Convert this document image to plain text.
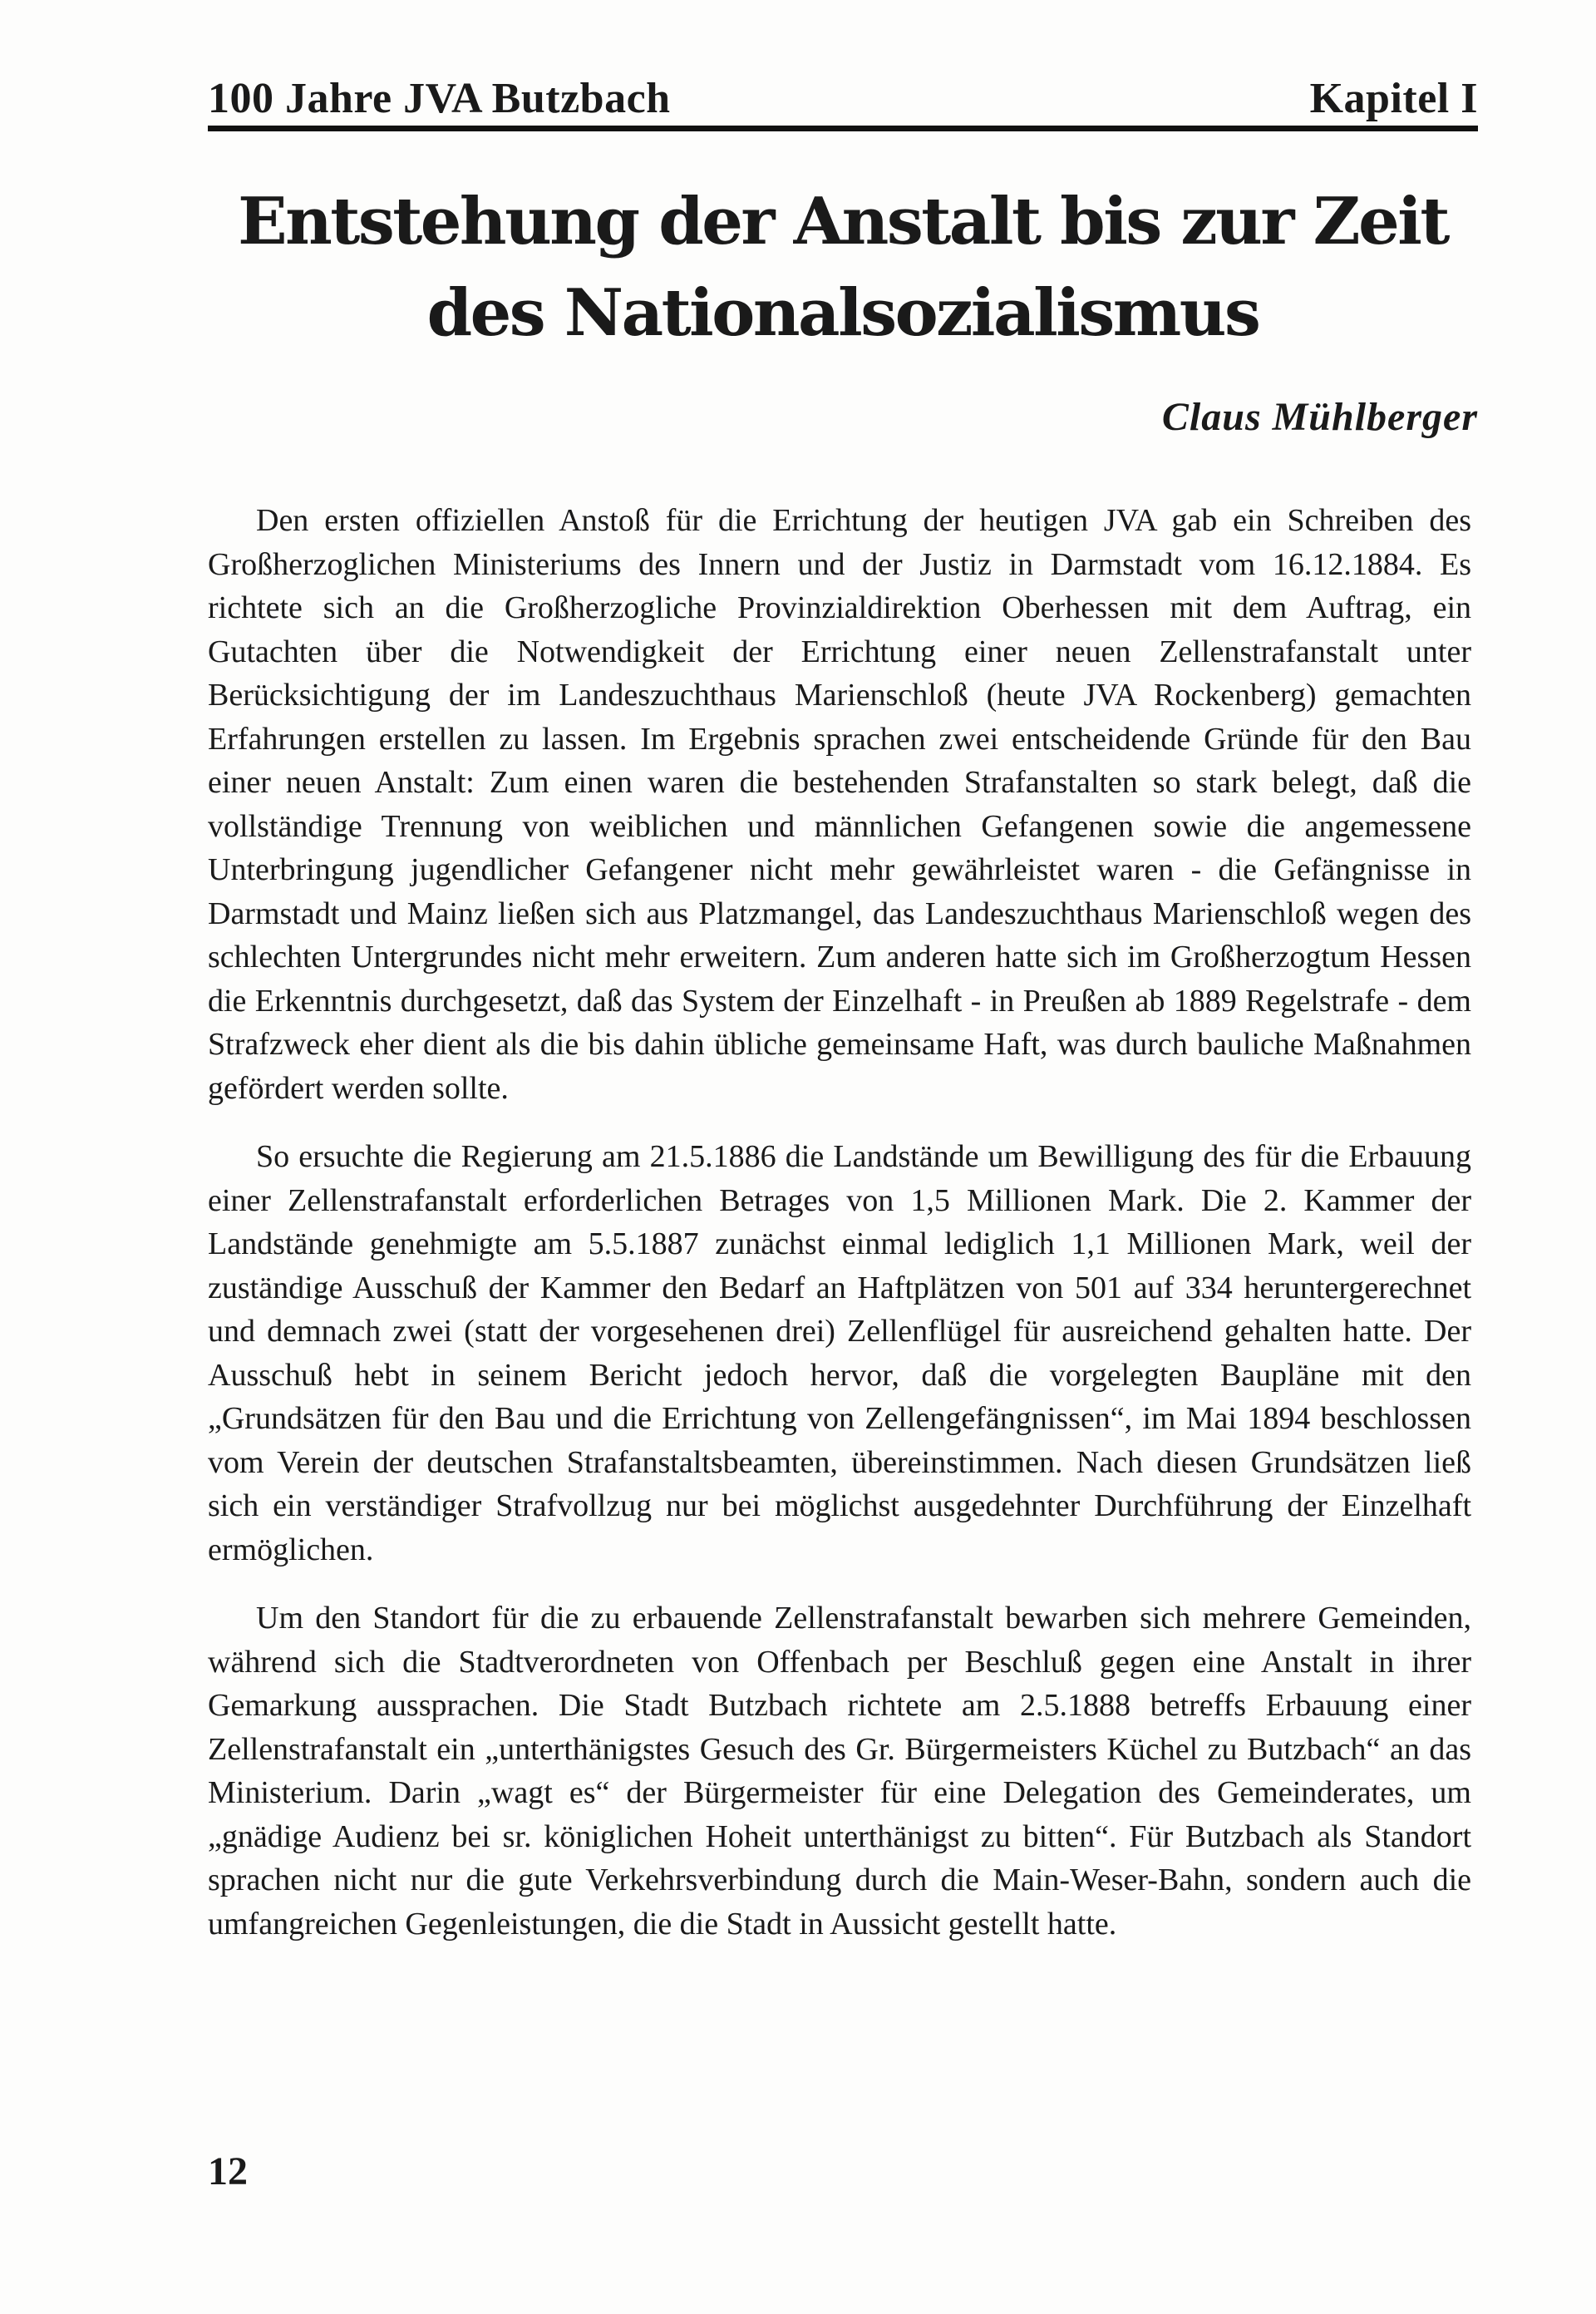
100 Jahre JVA Butzbach	Kapitel I
Entstehung der Anstalt bis zur Zeit
des Nationalsozialismus
Claus Mühlberger

Den ersten offiziellen Anstoß für die Errichtung der heutigen JVA gab ein Schreiben des Großherzoglichen Ministeriums des Innern und der Justiz in Darmstadt vom 16.12.1884. Es richtete sich an die Großherzogliche Provinzialdirektion Oberhessen mit dem Auftrag, ein Gutachten über die Notwendigkeit der Errichtung einer neuen Zellenstrafanstalt unter Berücksichtigung der im Landeszuchthaus Marienschloß (heute JVA Rockenberg) gemachten Erfahrungen erstellen zu lassen. Im Ergebnis sprachen zwei entscheidende Gründe für den Bau einer neuen Anstalt: Zum einen waren die bestehenden Strafanstalten so stark belegt, daß die vollständige Trennung von weiblichen und männlichen Gefangenen sowie die angemessene Unterbringung jugendlicher Gefangener nicht mehr gewährleistet waren - die Gefängnisse in Darmstadt und Mainz ließen sich aus Platzmangel, das Landeszuchthaus Marienschloß wegen des schlechten Untergrundes nicht mehr erweitern. Zum anderen hatte sich im Großherzogtum Hessen die Erkenntnis durchgesetzt, daß das System der Einzelhaft - in Preußen ab 1889 Regelstrafe - dem Strafzweck eher dient als die bis dahin übliche gemeinsame Haft, was durch bauliche Maßnahmen gefördert werden sollte.

So ersuchte die Regierung am 21.5.1886 die Landstände um Bewilligung des für die Erbauung einer Zellenstrafanstalt erforderlichen Betrages von 1,5 Millionen Mark. Die 2. Kammer der Landstände genehmigte am 5.5.1887 zunächst einmal lediglich 1,1 Millionen Mark, weil der zuständige Ausschuß der Kammer den Bedarf an Haftplätzen von 501 auf 334 heruntergerechnet und demnach zwei (statt der vorgesehenen drei) Zellenflügel für ausreichend gehalten hatte. Der Ausschuß hebt in seinem Bericht jedoch hervor, daß die vorgelegten Baupläne mit den „Grundsätzen für den Bau und die Errichtung von Zellengefängnissen“, im Mai 1894 beschlossen vom Verein der deutschen Strafanstaltsbeamten, übereinstimmen. Nach diesen Grundsätzen ließ sich ein verständiger Strafvollzug nur bei möglichst ausgedehnter Durchführung der Einzelhaft ermöglichen.

Um den Standort für die zu erbauende Zellenstrafanstalt bewarben sich mehrere Gemeinden, während sich die Stadtverordneten von Offenbach per Beschluß gegen eine Anstalt in ihrer Gemarkung aussprachen. Die Stadt Butzbach richtete am 2.5.1888 betreffs Erbauung einer Zellenstrafanstalt ein „unterthänigstes Gesuch des Gr. Bürgermeisters Küchel zu Butzbach“ an das Ministerium. Darin „wagt es“ der Bürgermeister für eine Delegation des Gemeinderates, um „gnädige Audienz bei sr. königlichen Hoheit unterthänigst zu bitten“. Für Butzbach als Standort sprachen nicht nur die gute Verkehrsverbindung durch die Main-Weser-Bahn, sondern auch die umfangreichen Gegenleistungen, die die Stadt in Aussicht gestellt hatte.

12
